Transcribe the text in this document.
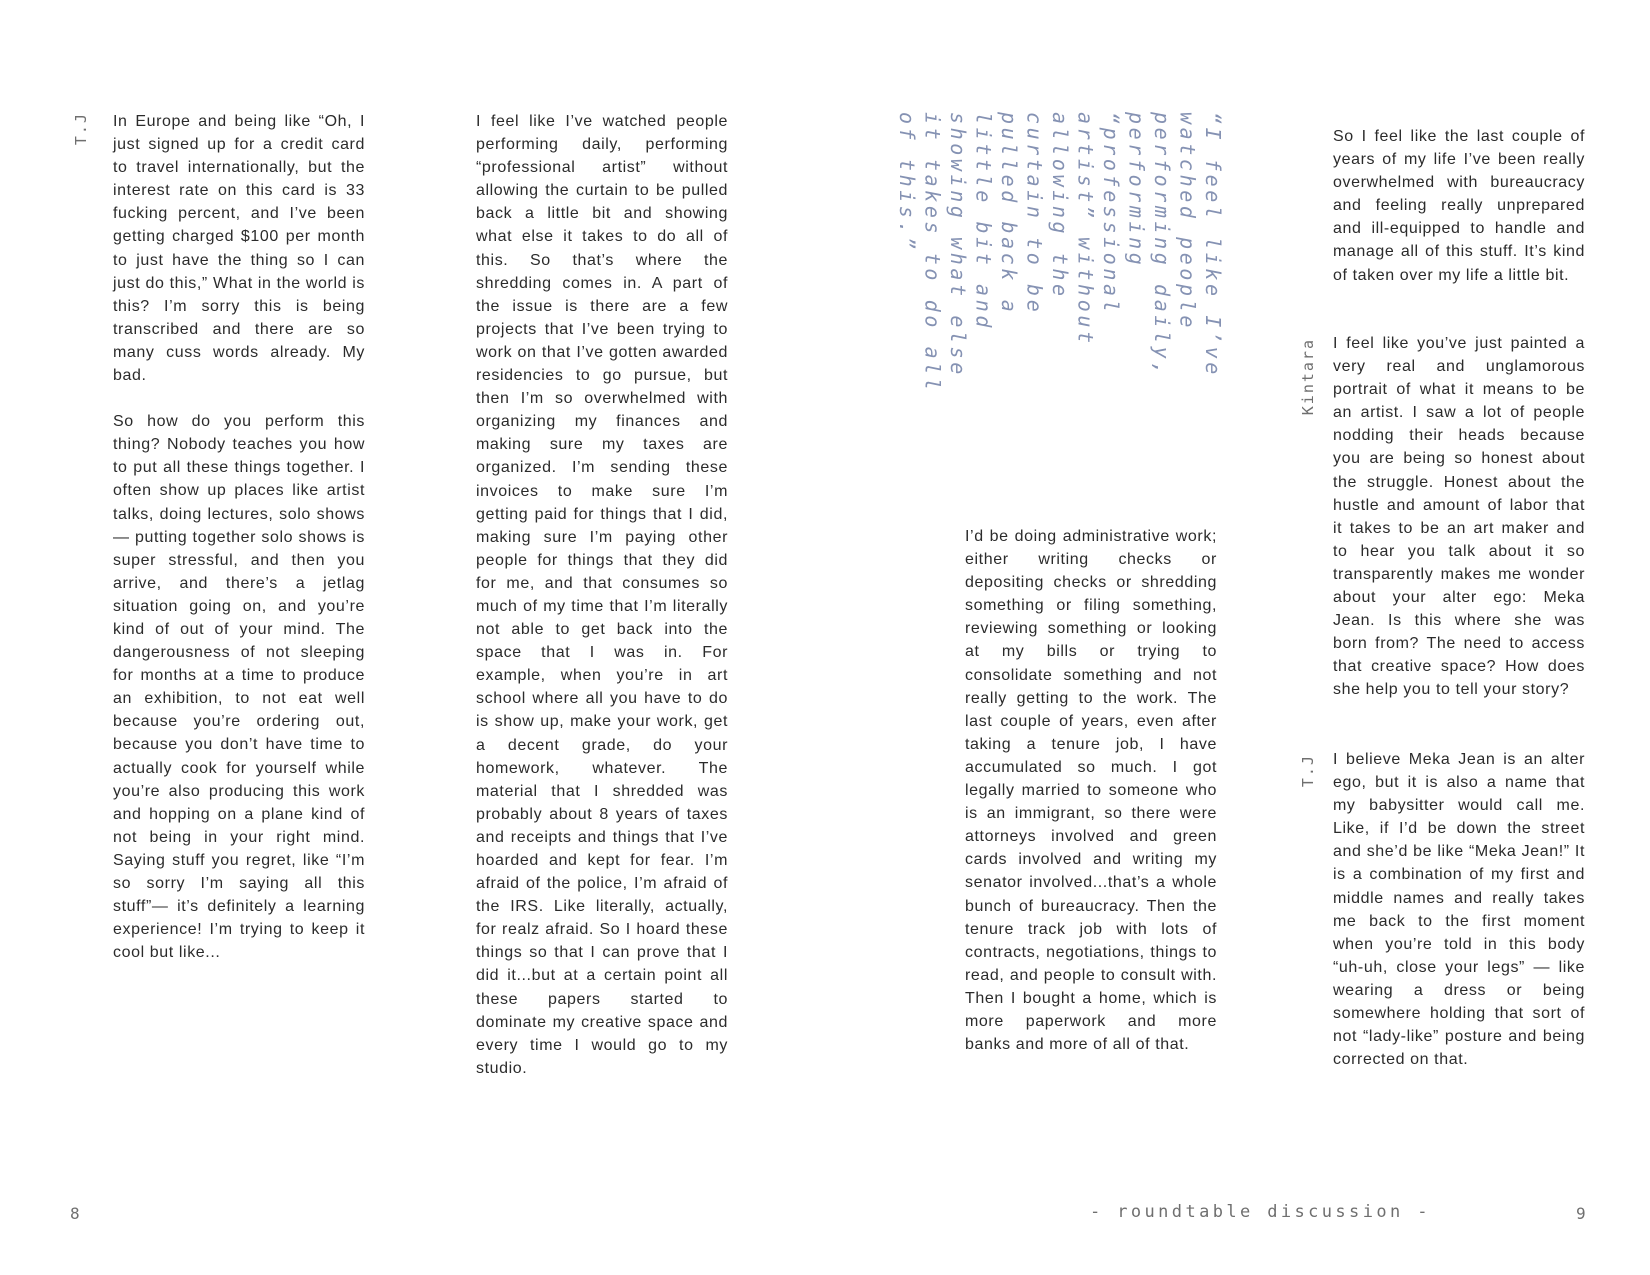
T.J In Europe and being like “Oh, I just signed up for a credit card to travel internationally, but the interest rate on this card is 33 fucking percent, and I’ve been getting charged $100 per month to just have the thing so I can just do this,” What in the world is this? I’m sorry this is being transcribed and there are so many cuss words already. My bad.

So how do you perform this thing? Nobody teaches you how to put all these things together. I often show up places like artist talks, doing lectures, solo shows — putting together solo shows is super stressful, and then you arrive, and there’s a jetlag situation going on, and you’re kind of out of your mind. The dangerousness of not sleeping for months at a time to produce an exhibition, to not eat well because you’re ordering out, because you don’t have time to actually cook for yourself while you’re also producing this work and hopping on a plane kind of not being in your right mind. Saying stuff you regret, like “I’m so sorry I’m saying all this stuff”— it’s definitely a learning experience! I’m trying to keep it cool but like...

I feel like I’ve watched people performing daily, performing “professional artist” without allowing the curtain to be pulled back a little bit and showing what else it takes to do all of this. So that’s where the shredding comes in. A part of the issue is there are a few projects that I’ve been trying to work on that I’ve gotten awarded residencies to go pursue, but then I’m so overwhelmed with organizing my finances and making sure my taxes are organized. I’m sending these invoices to make sure I’m getting paid for things that I did, making sure I’m paying other people for things that they did for me, and that consumes so much of my time that I’m literally not able to get back into the space that I was in. For example, when you’re in art school where all you have to do is show up, make your work, get a decent grade, do your homework, whatever. The material that I shredded was probably about 8 years of taxes and receipts and things that I’ve hoarded and kept for fear. I’m afraid of the police, I’m afraid of the IRS. Like literally, actually, for realz afraid. So I hoard these things so that I can prove that I did it...but at a certain point all these papers started to dominate my creative space and every time I would go to my studio.

8
“I feel like I’ve watched people performing daily, performing “professional artist” without allowing the curtain to be pulled back a little bit and showing what else it takes to do all of this.”

I’d be doing administrative work; either writing checks or depositing checks or shredding something or filing something, reviewing something or looking at my bills or trying to consolidate something and not really getting to the work. The last couple of years, even after taking a tenure job, I have accumulated so much. I got legally married to someone who is an immigrant, so there were attorneys involved and green cards involved and writing my senator involved...that’s a whole bunch of bureaucracy. Then the tenure track job with lots of contracts, negotiations, things to read, and people to consult with. Then I bought a home, which is more paperwork and more banks and more of all of that.

So I feel like the last couple of years of my life I’ve been really overwhelmed with bureaucracy and feeling really unprepared and ill-equipped to handle and manage all of this stuff. It’s kind of taken over my life a little bit.

Kintara I feel like you’ve just painted a very real and unglamorous portrait of what it means to be an artist. I saw a lot of people nodding their heads because you are being so honest about the struggle. Honest about the hustle and amount of labor that it takes to be an art maker and to hear you talk about it so transparently makes me wonder about your alter ego: Meka Jean. Is this where she was born from? The need to access that creative space? How does she help you to tell your story?

T.J I believe Meka Jean is an alter ego, but it is also a name that my babysitter would call me. Like, if I’d be down the street and she’d be like “Meka Jean!” It is a combination of my first and middle names and really takes me back to the first moment when you’re told in this body “uh-uh, close your legs” — like wearing a dress or being somewhere holding that sort of not “lady-like” posture and being corrected on that.

- roundtable discussion -	9
